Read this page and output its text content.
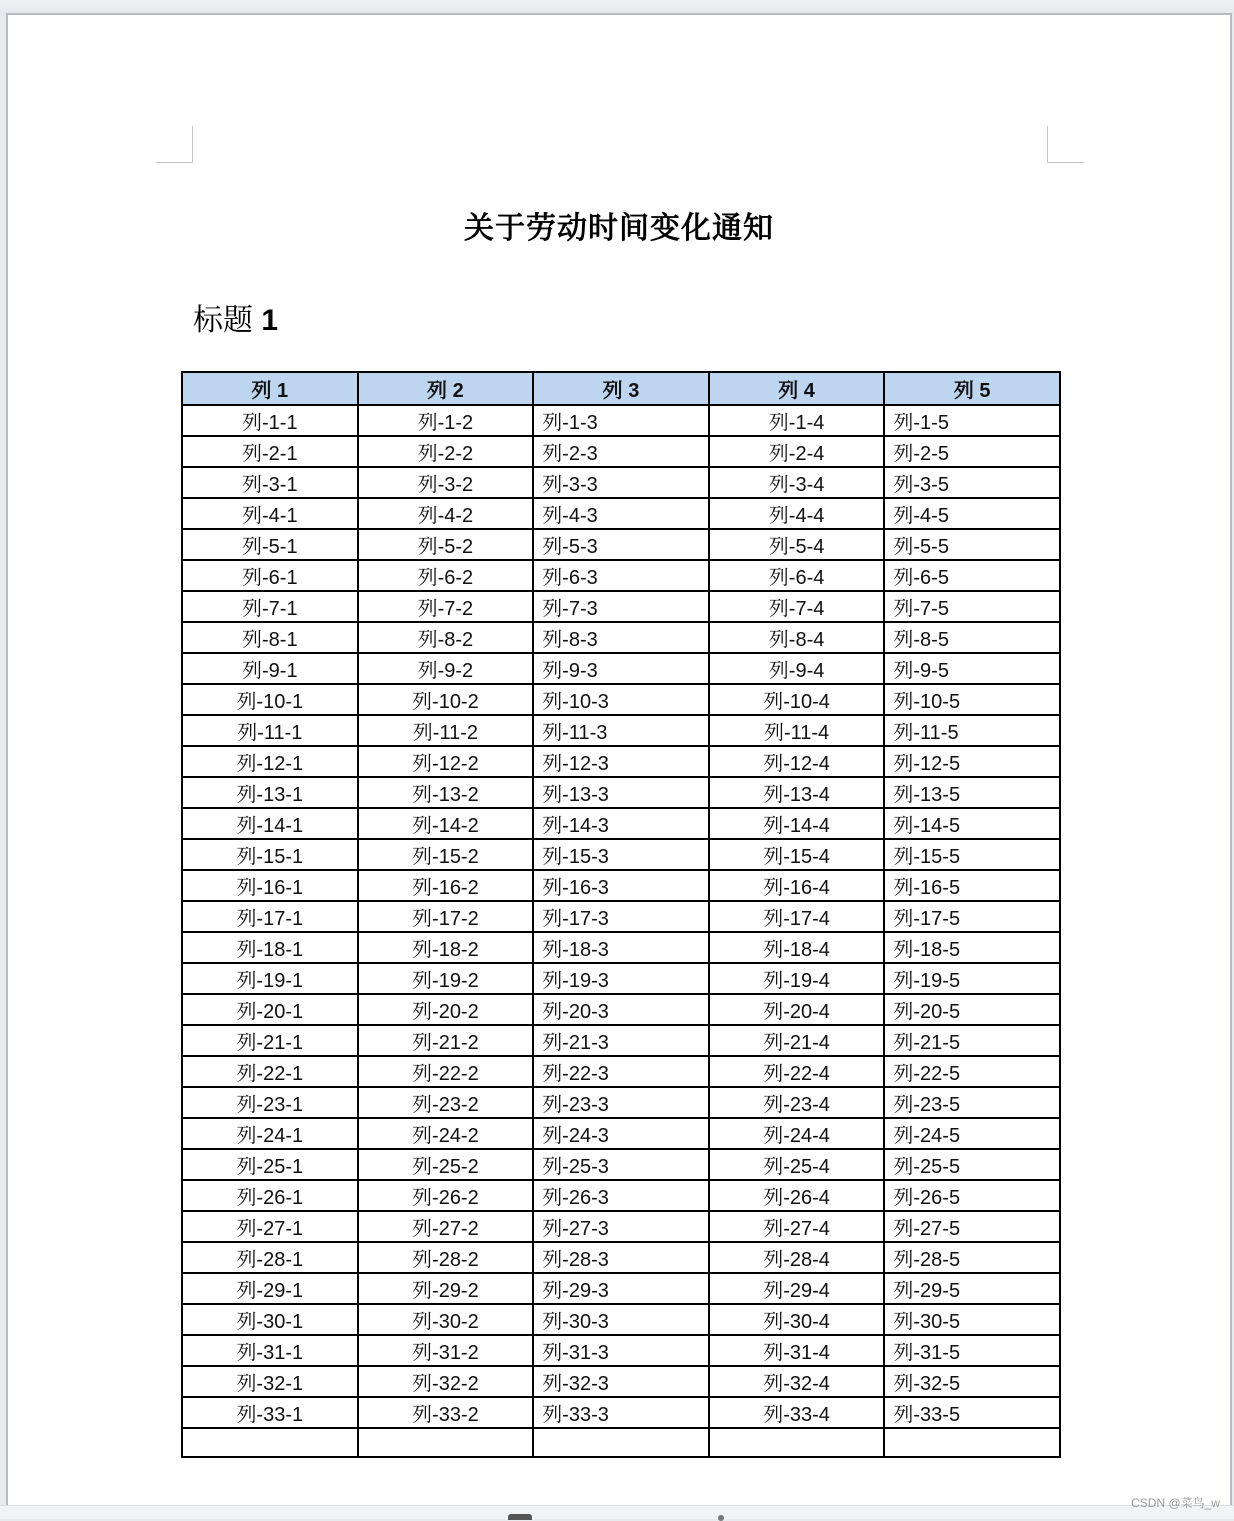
关于劳动时间变化通知
标题 1
列 1	列 2	列 3	列 4	列 5
列-1-1	列-1-2	列-1-3	列-1-4	列-1-5
列-2-1	列-2-2	列-2-3	列-2-4	列-2-5
列-3-1	列-3-2	列-3-3	列-3-4	列-3-5
列-4-1	列-4-2	列-4-3	列-4-4	列-4-5
列-5-1	列-5-2	列-5-3	列-5-4	列-5-5
列-6-1	列-6-2	列-6-3	列-6-4	列-6-5
列-7-1	列-7-2	列-7-3	列-7-4	列-7-5
列-8-1	列-8-2	列-8-3	列-8-4	列-8-5
列-9-1	列-9-2	列-9-3	列-9-4	列-9-5
列-10-1	列-10-2	列-10-3	列-10-4	列-10-5
列-11-1	列-11-2	列-11-3	列-11-4	列-11-5
列-12-1	列-12-2	列-12-3	列-12-4	列-12-5
列-13-1	列-13-2	列-13-3	列-13-4	列-13-5
列-14-1	列-14-2	列-14-3	列-14-4	列-14-5
列-15-1	列-15-2	列-15-3	列-15-4	列-15-5
列-16-1	列-16-2	列-16-3	列-16-4	列-16-5
列-17-1	列-17-2	列-17-3	列-17-4	列-17-5
列-18-1	列-18-2	列-18-3	列-18-4	列-18-5
列-19-1	列-19-2	列-19-3	列-19-4	列-19-5
列-20-1	列-20-2	列-20-3	列-20-4	列-20-5
列-21-1	列-21-2	列-21-3	列-21-4	列-21-5
列-22-1	列-22-2	列-22-3	列-22-4	列-22-5
列-23-1	列-23-2	列-23-3	列-23-4	列-23-5
列-24-1	列-24-2	列-24-3	列-24-4	列-24-5
列-25-1	列-25-2	列-25-3	列-25-4	列-25-5
列-26-1	列-26-2	列-26-3	列-26-4	列-26-5
列-27-1	列-27-2	列-27-3	列-27-4	列-27-5
列-28-1	列-28-2	列-28-3	列-28-4	列-28-5
列-29-1	列-29-2	列-29-3	列-29-4	列-29-5
列-30-1	列-30-2	列-30-3	列-30-4	列-30-5
列-31-1	列-31-2	列-31-3	列-31-4	列-31-5
列-32-1	列-32-2	列-32-3	列-32-4	列-32-5
列-33-1	列-33-2	列-33-3	列-33-4	列-33-5

CSDN @菜鸟_w
